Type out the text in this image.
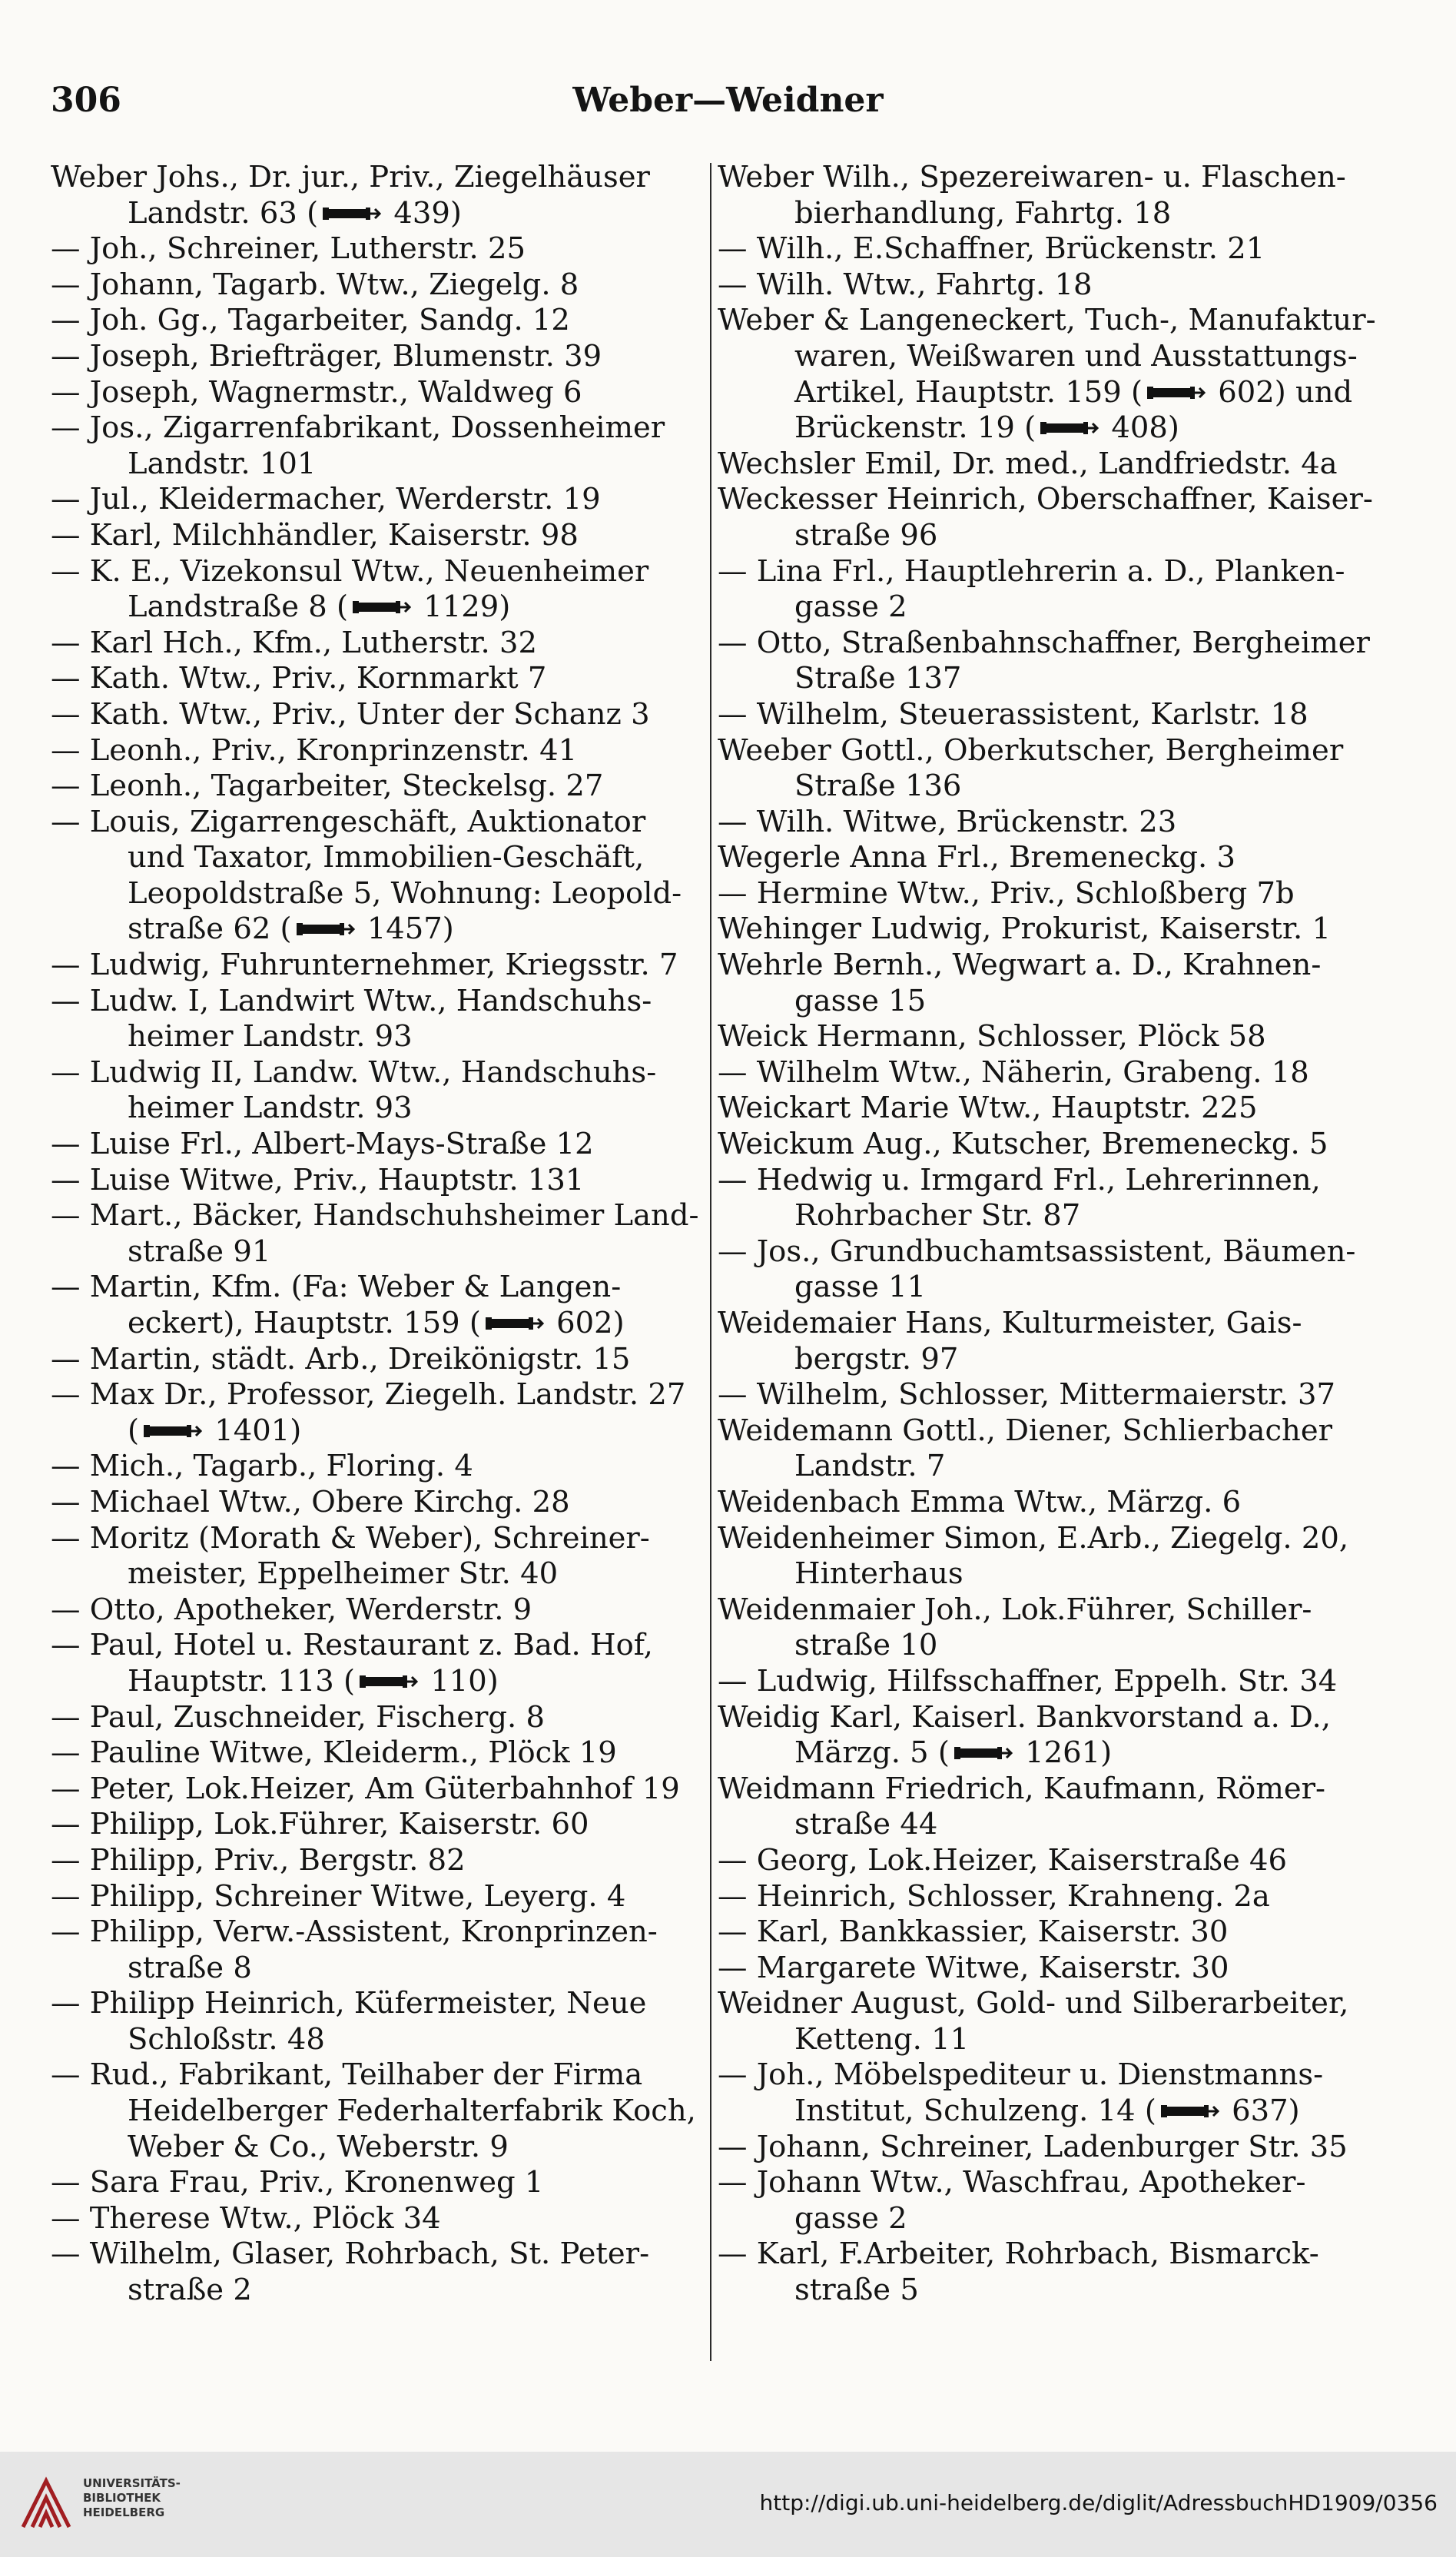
306	Weber—Weidner
Weber Johs., Dr. jur., Priv., Ziegelhäuser
Landstr. 63 ( 439)
— Joh., Schreiner, Lutherstr. 25
— Johann, Tagarb. Wtw., Ziegelg. 8
— Joh. Gg., Tagarbeiter, Sandg. 12
— Joseph, Briefträger, Blumenstr. 39
— Joseph, Wagnermstr., Waldweg 6
— Jos., Zigarrenfabrikant, Dossenheimer
Landstr. 101
— Jul., Kleidermacher, Werderstr. 19
— Karl, Milchhändler, Kaiserstr. 98
— K. E., Vizekonsul Wtw., Neuenheimer
Landstraße 8 ( 1129)
— Karl Hch., Kfm., Lutherstr. 32
— Kath. Wtw., Priv., Kornmarkt 7
— Kath. Wtw., Priv., Unter der Schanz 3
— Leonh., Priv., Kronprinzenstr. 41
— Leonh., Tagarbeiter, Steckelsg. 27
— Louis, Zigarrengeschäft, Auktionator
und Taxator, Immobilien-Geschäft,
Leopoldstraße 5, Wohnung: Leopold-
straße 62 ( 1457)
— Ludwig, Fuhrunternehmer, Kriegsstr. 7
— Ludw. I, Landwirt Wtw., Handschuhs-
heimer Landstr. 93
— Ludwig II, Landw. Wtw., Handschuhs-
heimer Landstr. 93
— Luise Frl., Albert-Mays-Straße 12
— Luise Witwe, Priv., Hauptstr. 131
— Mart., Bäcker, Handschuhsheimer Land-
straße 91
— Martin, Kfm. (Fa: Weber & Langen-
eckert), Hauptstr. 159 ( 602)
— Martin, städt. Arb., Dreikönigstr. 15
— Max Dr., Professor, Ziegelh. Landstr. 27
( 1401)
— Mich., Tagarb., Floring. 4
— Michael Wtw., Obere Kirchg. 28
— Moritz (Morath & Weber), Schreiner-
meister, Eppelheimer Str. 40
— Otto, Apotheker, Werderstr. 9
— Paul, Hotel u. Restaurant z. Bad. Hof,
Hauptstr. 113 ( 110)
— Paul, Zuschneider, Fischerg. 8
— Pauline Witwe, Kleiderm., Plöck 19
— Peter, Lok.Heizer, Am Güterbahnhof 19
— Philipp, Lok.Führer, Kaiserstr. 60
— Philipp, Priv., Bergstr. 82
— Philipp, Schreiner Witwe, Leyerg. 4
— Philipp, Verw.-Assistent, Kronprinzen-
straße 8
— Philipp Heinrich, Küfermeister, Neue
Schloßstr. 48
— Rud., Fabrikant, Teilhaber der Firma
Heidelberger Federhalterfabrik Koch,
Weber & Co., Weberstr. 9
— Sara Frau, Priv., Kronenweg 1
— Therese Wtw., Plöck 34
— Wilhelm, Glaser, Rohrbach, St. Peter-
straße 2
Weber Wilh., Spezereiwaren- u. Flaschen-
bierhandlung, Fahrtg. 18
— Wilh., E.Schaffner, Brückenstr. 21
— Wilh. Wtw., Fahrtg. 18
Weber & Langeneckert, Tuch-, Manufaktur-
waren, Weißwaren und Ausstattungs-
Artikel, Hauptstr. 159 ( 602) und
Brückenstr. 19 ( 408)
Wechsler Emil, Dr. med., Landfriedstr. 4a
Weckesser Heinrich, Oberschaffner, Kaiser-
straße 96
— Lina Frl., Hauptlehrerin a. D., Planken-
gasse 2
— Otto, Straßenbahnschaffner, Bergheimer
Straße 137
— Wilhelm, Steuerassistent, Karlstr. 18
Weeber Gottl., Oberkutscher, Bergheimer
Straße 136
— Wilh. Witwe, Brückenstr. 23
Wegerle Anna Frl., Bremeneckg. 3
— Hermine Wtw., Priv., Schloßberg 7b
Wehinger Ludwig, Prokurist, Kaiserstr. 1
Wehrle Bernh., Wegwart a. D., Krahnen-
gasse 15
Weick Hermann, Schlosser, Plöck 58
— Wilhelm Wtw., Näherin, Grabeng. 18
Weickart Marie Wtw., Hauptstr. 225
Weickum Aug., Kutscher, Bremeneckg. 5
— Hedwig u. Irmgard Frl., Lehrerinnen,
Rohrbacher Str. 87
— Jos., Grundbuchamtsassistent, Bäumen-
gasse 11
Weidemaier Hans, Kulturmeister, Gais-
bergstr. 97
— Wilhelm, Schlosser, Mittermaierstr. 37
Weidemann Gottl., Diener, Schlierbacher
Landstr. 7
Weidenbach Emma Wtw., Märzg. 6
Weidenheimer Simon, E.Arb., Ziegelg. 20,
Hinterhaus
Weidenmaier Joh., Lok.Führer, Schiller-
straße 10
— Ludwig, Hilfsschaffner, Eppelh. Str. 34
Weidig Karl, Kaiserl. Bankvorstand a. D.,
Märzg. 5 ( 1261)
Weidmann Friedrich, Kaufmann, Römer-
straße 44
— Georg, Lok.Heizer, Kaiserstraße 46
— Heinrich, Schlosser, Krahneng. 2a
— Karl, Bankkassier, Kaiserstr. 30
— Margarete Witwe, Kaiserstr. 30
Weidner August, Gold- und Silberarbeiter,
Ketteng. 11
— Joh., Möbelspediteur u. Dienstmanns-
Institut, Schulzeng. 14 ( 637)
— Johann, Schreiner, Ladenburger Str. 35
— Johann Wtw., Waschfrau, Apotheker-
gasse 2
— Karl, F.Arbeiter, Rohrbach, Bismarck-
straße 5
UNIVERSITÄTS-
BIBLIOTHEK
HEIDELBERG	http://digi.ub.uni-heidelberg.de/diglit/AdressbuchHD1909/0356
